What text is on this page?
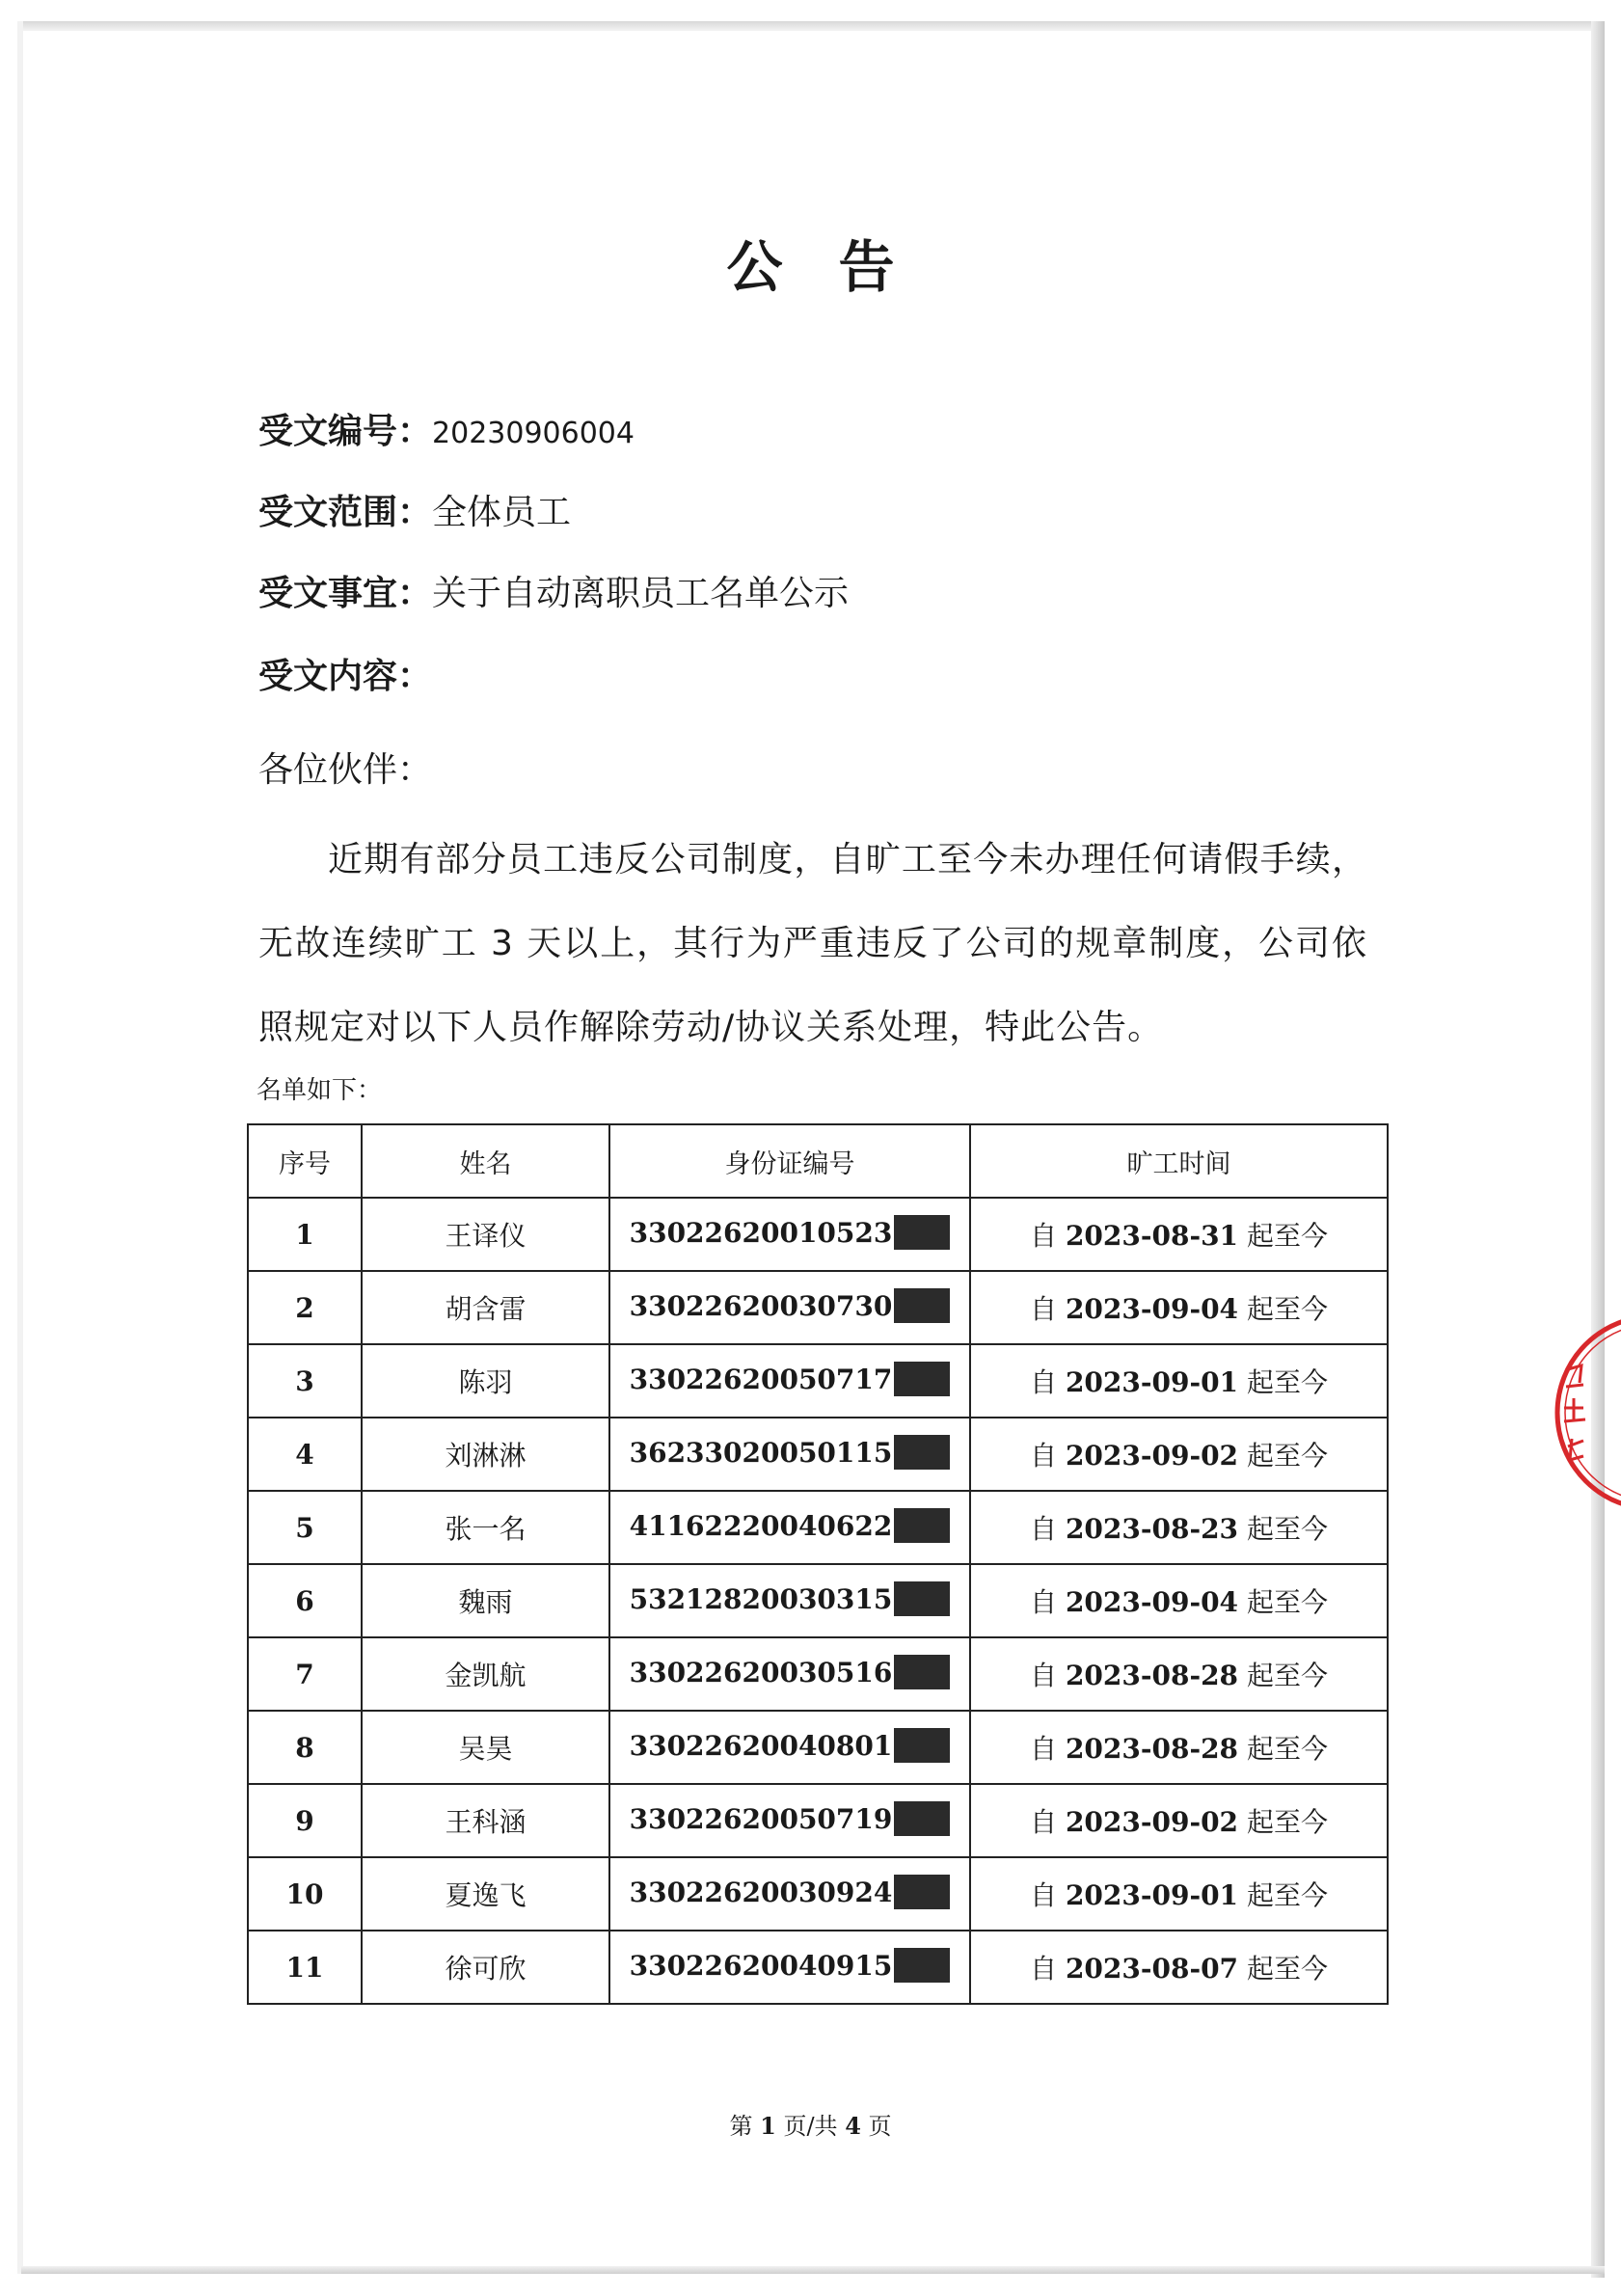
公告
受文编号：20230906004
受文范围：全体员工
受文事宜：关于自动离职员工名单公示
受文内容：
各位伙伴：
近期有部分员工违反公司制度，自旷工至今未办理任何请假手续，无故连续旷工 3 天以上，其行为严重违反了公司的规章制度，公司依照规定对以下人员作解除劳动/协议关系处理，特此公告。
名单如下：
序号	姓名	身份证编号	旷工时间
1	王译仪	33022620010523	自 2023-08-31 起至今
2	胡含雷	33022620030730	自 2023-09-04 起至今
3	陈羽	33022620050717	自 2023-09-01 起至今
4	刘淋淋	36233020050115	自 2023-09-02 起至今
5	张一名	41162220040622	自 2023-08-23 起至今
6	魏雨	53212820030315	自 2023-09-04 起至今
7	金凯航	33022620030516	自 2023-08-28 起至今
8	吴昊	33022620040801	自 2023-08-28 起至今
9	王科涵	33022620050719	自 2023-09-02 起至今
10	夏逸飞	33022620030924	自 2023-09-01 起至今
11	徐可欣	33022620040915	自 2023-08-07 起至今
第 1 页/共 4 页
